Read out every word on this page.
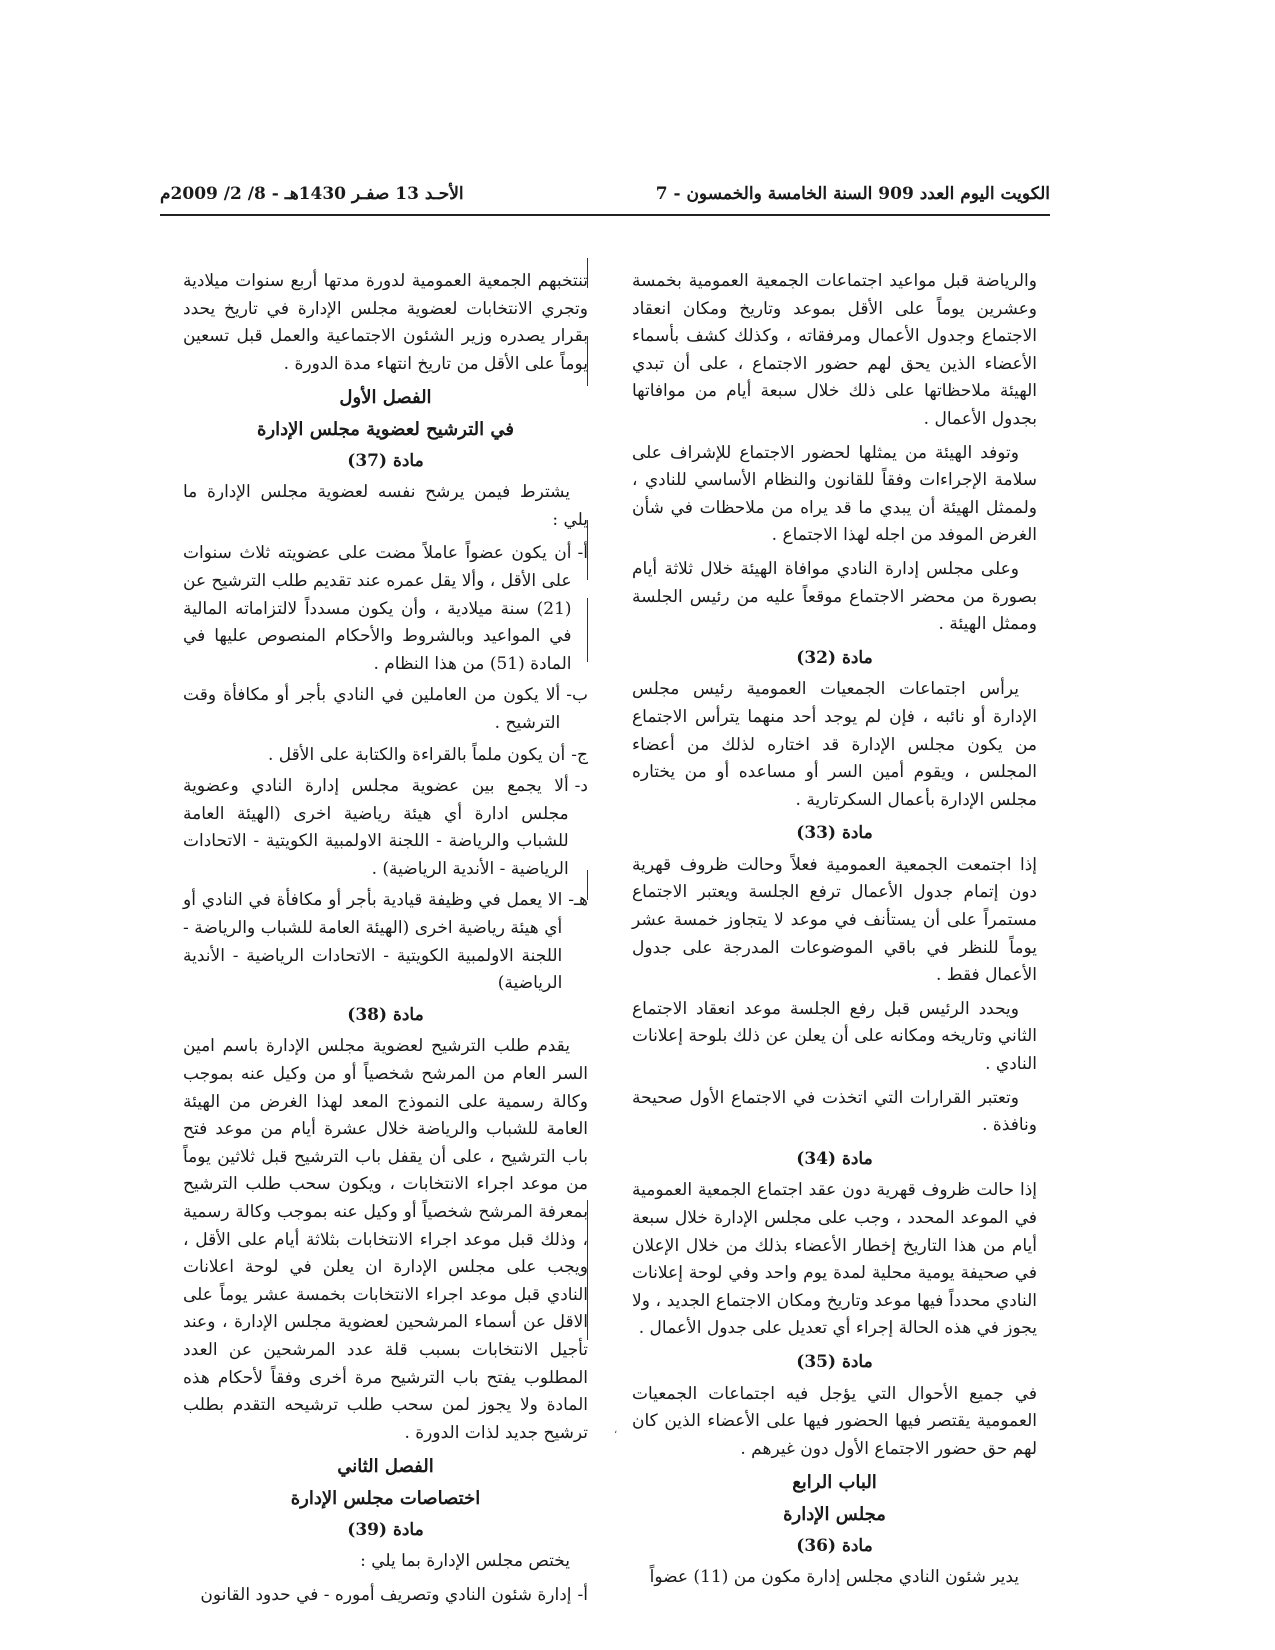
الكويت اليوم العدد 909 السنة الخامسة والخمسون - 7
الأحـد 13 صفـر 1430هـ - 8/ 2/ 2009م

والرياضة قبل مواعيد اجتماعات الجمعية العمومية بخمسة وعشرين يوماً على الأقل بموعد وتاريخ ومكان انعقاد الاجتماع وجدول الأعمال ومرفقاته ، وكذلك كشف بأسماء الأعضاء الذين يحق لهم حضور الاجتماع ، على أن تبدي الهيئة ملاحظاتها على ذلك خلال سبعة أيام من موافاتها بجدول الأعمال .

وتوفد الهيئة من يمثلها لحضور الاجتماع للإشراف على سلامة الإجراءات وفقاً للقانون والنظام الأساسي للنادي ، ولممثل الهيئة أن يبدي ما قد يراه من ملاحظات في شأن الغرض الموفد من اجله لهذا الاجتماع .

وعلى مجلس إدارة النادي موافاة الهيئة خلال ثلاثة أيام بصورة من محضر الاجتماع موقعاً عليه من رئيس الجلسة وممثل الهيئة .

مادة (32)

يرأس اجتماعات الجمعيات العمومية رئيس مجلس الإدارة أو نائبه ، فإن لم يوجد أحد منهما يترأس الاجتماع من يكون مجلس الإدارة قد اختاره لذلك من أعضاء المجلس ، ويقوم أمين السر أو مساعده أو من يختاره مجلس الإدارة بأعمال السكرتارية .

مادة (33)

إذا اجتمعت الجمعية العمومية فعلاً وحالت ظروف قهرية دون إتمام جدول الأعمال ترفع الجلسة ويعتبر الاجتماع مستمراً على أن يستأنف في موعد لا يتجاوز خمسة عشر يوماً للنظر في باقي الموضوعات المدرجة على جدول الأعمال فقط .

ويحدد الرئيس قبل رفع الجلسة موعد انعقاد الاجتماع الثاني وتاريخه ومكانه على أن يعلن عن ذلك بلوحة إعلانات النادي .

وتعتبر القرارات التي اتخذت في الاجتماع الأول صحيحة ونافذة .

مادة (34)

إذا حالت ظروف قهرية دون عقد اجتماع الجمعية العمومية في الموعد المحدد ، وجب على مجلس الإدارة خلال سبعة أيام من هذا التاريخ إخطار الأعضاء بذلك من خلال الإعلان في صحيفة يومية محلية لمدة يوم واحد وفي لوحة إعلانات النادي محدداً فيها موعد وتاريخ ومكان الاجتماع الجديد ، ولا يجوز في هذه الحالة إجراء أي تعديل على جدول الأعمال .

مادة (35)

في جميع الأحوال التي يؤجل فيه اجتماعات الجمعيات العمومية يقتصر فيها الحضور فيها على الأعضاء الذين كان لهم حق حضور الاجتماع الأول دون غيرهم .

الباب الرابع
مجلس الإدارة
مادة (36)

يدير شئون النادي مجلس إدارة مكون من (11) عضواً

تنتخبهم الجمعية العمومية لدورة مدتها أربع سنوات ميلادية وتجري الانتخابات لعضوية مجلس الإدارة في تاريخ يحدد بقرار يصدره وزير الشئون الاجتماعية والعمل قبل تسعين يوماً على الأقل من تاريخ انتهاء مدة الدورة .

الفصل الأول
في الترشيح لعضوية مجلس الإدارة
مادة (37)

يشترط فيمن يرشح نفسه لعضوية مجلس الإدارة ما يلي :

أ-
أن يكون عضواً عاملاً مضت على عضويته ثلاث سنوات على الأقل ، وألا يقل عمره عند تقديم طلب الترشيح عن (21) سنة ميلادية ، وأن يكون مسدداً لالتزاماته المالية في المواعيد وبالشروط والأحكام المنصوص عليها في المادة (51) من هذا النظام .
ب-
ألا يكون من العاملين في النادي بأجر أو مكافأة وقت الترشيح .
ج-
أن يكون ملماً بالقراءة والكتابة على الأقل .
د-
ألا يجمع بين عضوية مجلس إدارة النادي وعضوية مجلس ادارة أي هيئة رياضية اخرى (الهيئة العامة للشباب والرياضة - اللجنة الاولمبية الكويتية - الاتحادات الرياضية - الأندية الرياضية) .
هـ-
الا يعمل في وظيفة قيادية بأجر أو مكافأة في النادي أو أي هيئة رياضية اخرى (الهيئة العامة للشباب والرياضة - اللجنة الاولمبية الكويتية - الاتحادات الرياضية - الأندية الرياضية)
مادة (38)

يقدم طلب الترشيح لعضوية مجلس الإدارة باسم امين السر العام من المرشح شخصياً أو من وكيل عنه بموجب وكالة رسمية على النموذج المعد لهذا الغرض من الهيئة العامة للشباب والرياضة خلال عشرة أيام من موعد فتح باب الترشيح ، على أن يقفل باب الترشيح قبل ثلاثين يوماً من موعد اجراء الانتخابات ، ويكون سحب طلب الترشيح بمعرفة المرشح شخصياً أو وكيل عنه بموجب وكالة رسمية ، وذلك قبل موعد اجراء الانتخابات بثلاثة أيام على الأقل ، ويجب على مجلس الإدارة ان يعلن في لوحة اعلانات النادي قبل موعد اجراء الانتخابات بخمسة عشر يوماً على الاقل عن أسماء المرشحين لعضوية مجلس الإدارة ، وعند تأجيل الانتخابات بسبب قلة عدد المرشحين عن العدد المطلوب يفتح باب الترشيح مرة أخرى وفقاً لأحكام هذه المادة ولا يجوز لمن سحب طلب ترشيحه التقدم بطلب ترشيح جديد لذات الدورة .

الفصل الثاني
اختصاصات مجلس الإدارة
مادة (39)

يختص مجلس الإدارة بما يلي :

أ-
إدارة شئون النادي وتصريف أموره - في حدود القانون
،
